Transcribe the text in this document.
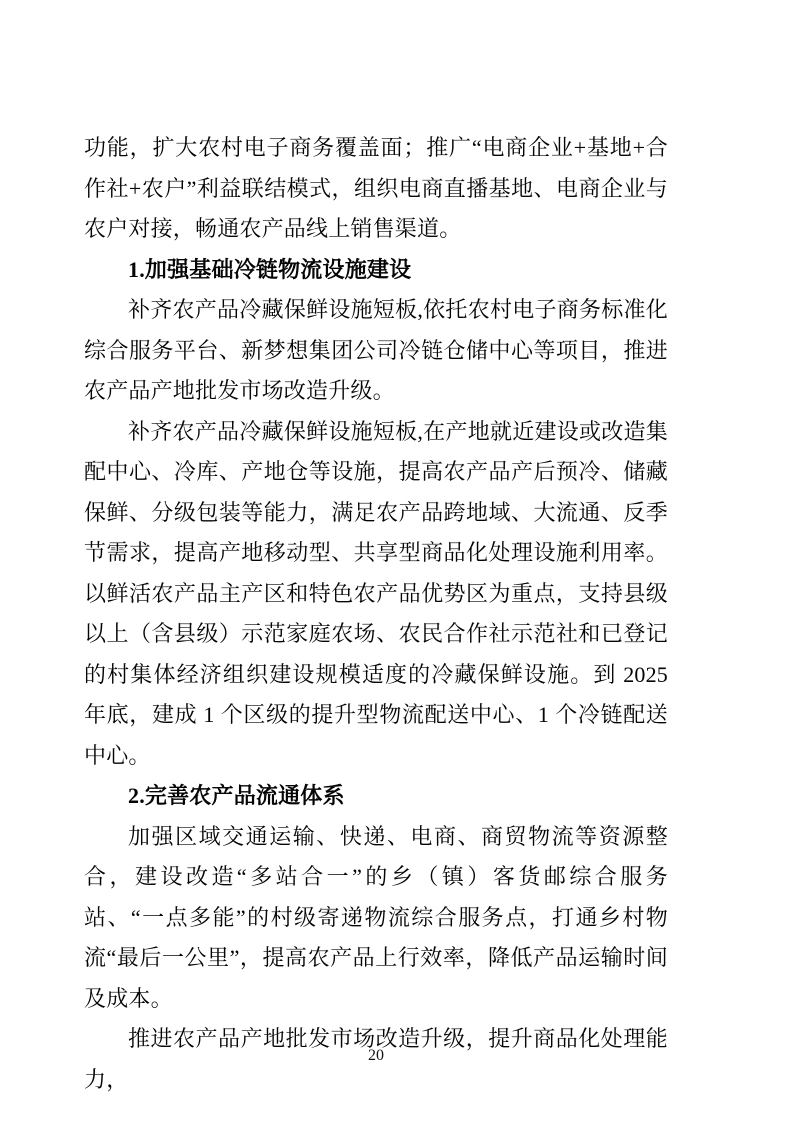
功能，扩大农村电子商务覆盖面；推广“电商企业+基地+合作社+农户”利益联结模式，组织电商直播基地、电商企业与农户对接，畅通农产品线上销售渠道。

1.加强基础冷链物流设施建设

补齐农产品冷藏保鲜设施短板,依托农村电子商务标准化综合服务平台、新梦想集团公司冷链仓储中心等项目，推进农产品产地批发市场改造升级。

补齐农产品冷藏保鲜设施短板,在产地就近建设或改造集配中心、冷库、产地仓等设施，提高农产品产后预冷、储藏保鲜、分级包装等能力，满足农产品跨地域、大流通、反季节需求，提高产地移动型、共享型商品化处理设施利用率。以鲜活农产品主产区和特色农产品优势区为重点，支持县级以上（含县级）示范家庭农场、农民合作社示范社和已登记的村集体经济组织建设规模适度的冷藏保鲜设施。到 2025 年底，建成 1 个区级的提升型物流配送中心、1 个冷链配送中心。

2.完善农产品流通体系

加强区域交通运输、快递、电商、商贸物流等资源整合，建设改造“多站合一”的乡（镇）客货邮综合服务站、“一点多能”的村级寄递物流综合服务点，打通乡村物流“最后一公里”，提高农产品上行效率，降低产品运输时间及成本。

推进农产品产地批发市场改造升级，提升商品化处理能力，

20
